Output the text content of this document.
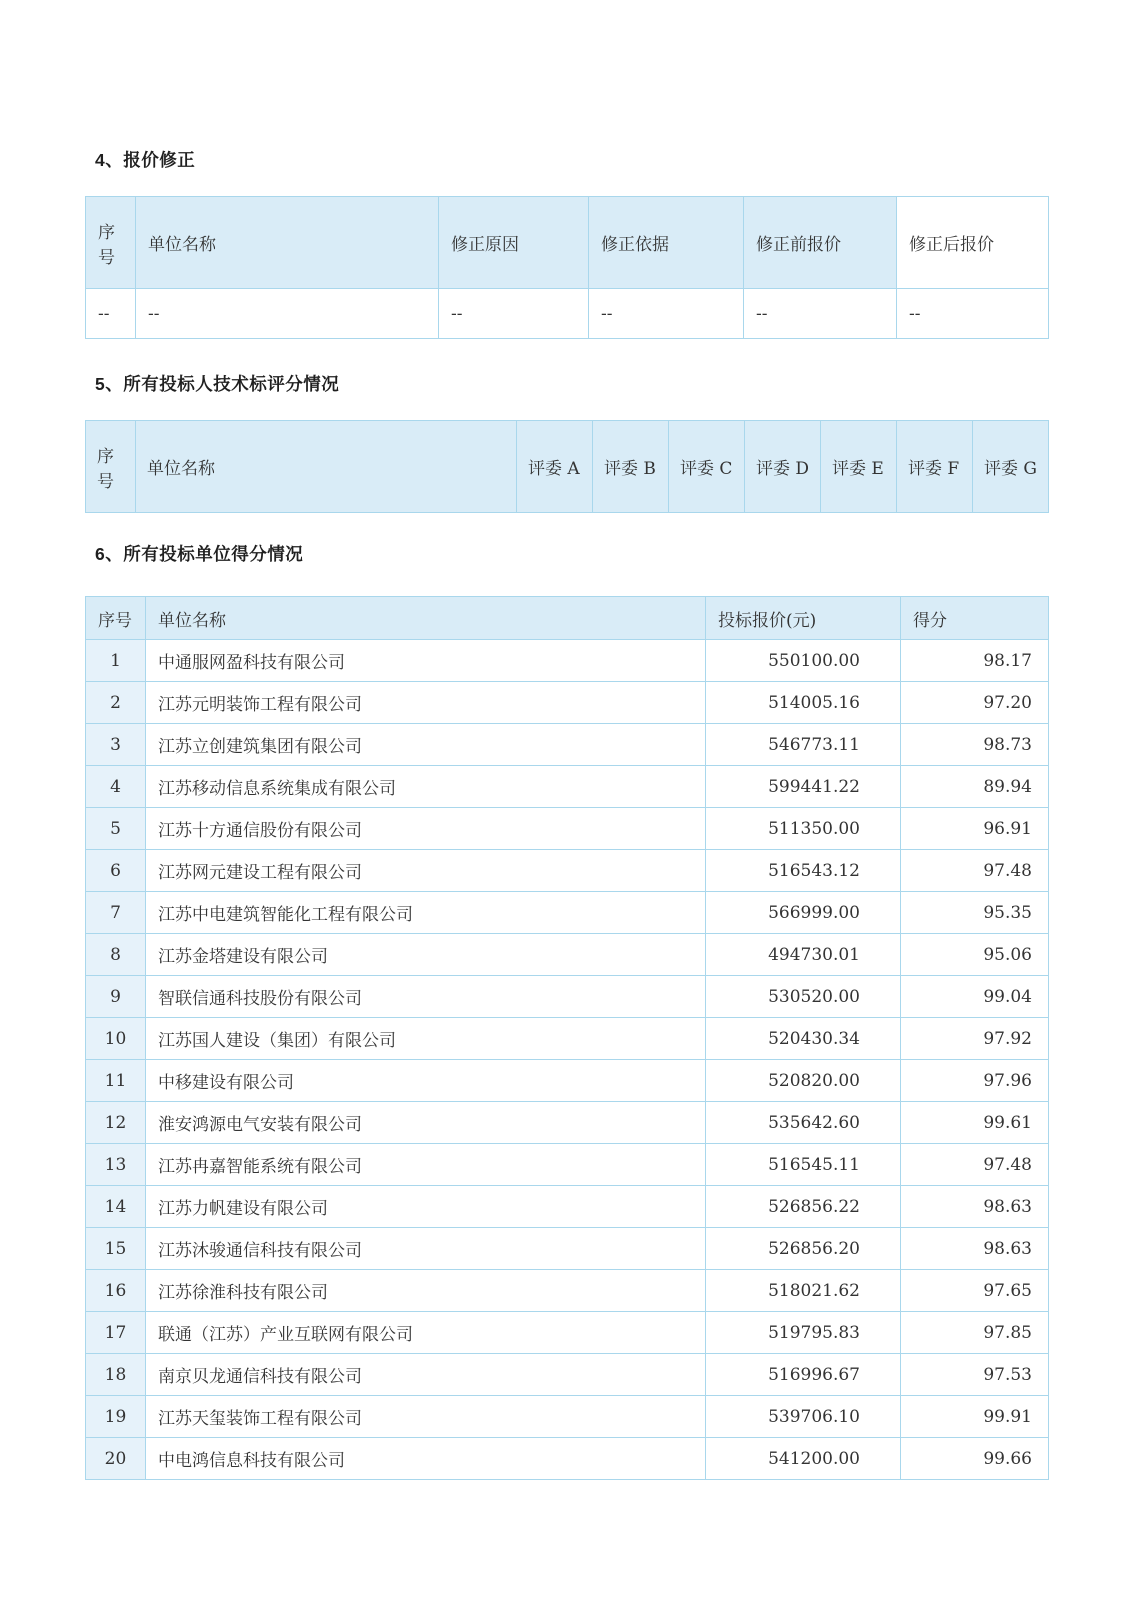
4、报价修正
序号	单位名称	修正原因	修正依据	修正前报价	修正后报价
--	--	--	--	--	--
5、所有投标人技术标评分情况
序号	单位名称	评委 A	评委 B	评委 C	评委 D	评委 E	评委 F	评委 G
6、所有投标单位得分情况
序号	单位名称	投标报价(元)	得分
1	中通服网盈科技有限公司	550100.00	98.17
2	江苏元明装饰工程有限公司	514005.16	97.20
3	江苏立创建筑集团有限公司	546773.11	98.73
4	江苏移动信息系统集成有限公司	599441.22	89.94
5	江苏十方通信股份有限公司	511350.00	96.91
6	江苏网元建设工程有限公司	516543.12	97.48
7	江苏中电建筑智能化工程有限公司	566999.00	95.35
8	江苏金塔建设有限公司	494730.01	95.06
9	智联信通科技股份有限公司	530520.00	99.04
10	江苏国人建设（集团）有限公司	520430.34	97.92
11	中移建设有限公司	520820.00	97.96
12	淮安鸿源电气安装有限公司	535642.60	99.61
13	江苏冉嘉智能系统有限公司	516545.11	97.48
14	江苏力帆建设有限公司	526856.22	98.63
15	江苏沐骏通信科技有限公司	526856.20	98.63
16	江苏徐淮科技有限公司	518021.62	97.65
17	联通（江苏）产业互联网有限公司	519795.83	97.85
18	南京贝龙通信科技有限公司	516996.67	97.53
19	江苏天玺装饰工程有限公司	539706.10	99.91
20	中电鸿信息科技有限公司	541200.00	99.66
